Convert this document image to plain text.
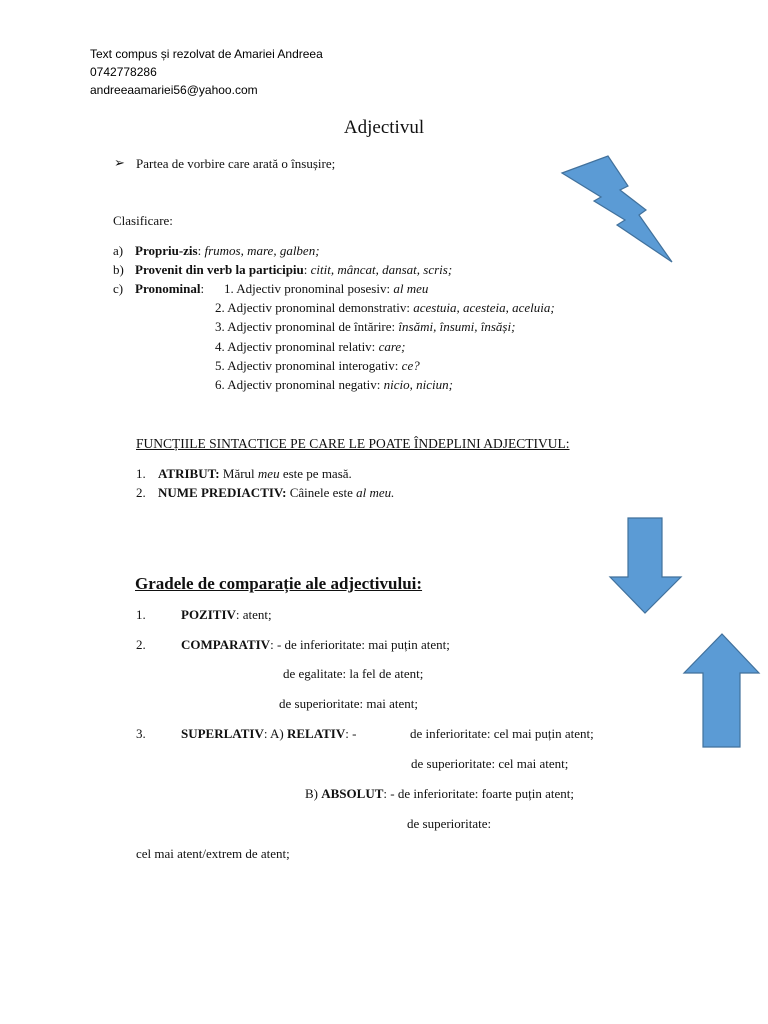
Text compus și rezolvat de Amariei Andreea
0742778286
andreeaamariei56@yahoo.com
Adjectivul
➢ Partea de vorbire care arată o însușire;
Clasificare:
a) Propriu-zis: frumos, mare, galben;
b) Provenit din verb la participiu: citit, mâncat, dansat, scris;
c) Pronominal: 1. Adjectiv pronominal posesiv: al meu
2. Adjectiv pronominal demonstrativ: acestuia, acesteia, aceluia;
3. Adjectiv pronominal de întărire: însămi, însumi, însăși;
4. Adjectiv pronominal relativ: care;
5. Adjectiv pronominal interogativ: ce?
6. Adjectiv pronominal negativ: nicio, niciun;
FUNCȚIILE SINTACTICE PE CARE LE POATE ÎNDEPLINI ADJECTIVUL:
1. ATRIBUT: Mărul meu este pe masă.
2. NUME PREDIACTIV: Câinele este al meu.
Gradele de comparație ale adjectivului:
1.	POZITIV: atent;
2.	COMPARATIV: - de inferioritate: mai puțin atent;
de egalitate: la fel de atent;
de superioritate: mai atent;
3.	SUPERLATIV: A) RELATIV: -	de inferioritate: cel mai puțin atent;
de superioritate: cel mai atent;
B) ABSOLUT: - de inferioritate: foarte puțin atent;
de superioritate:
cel mai atent/extrem de atent;
